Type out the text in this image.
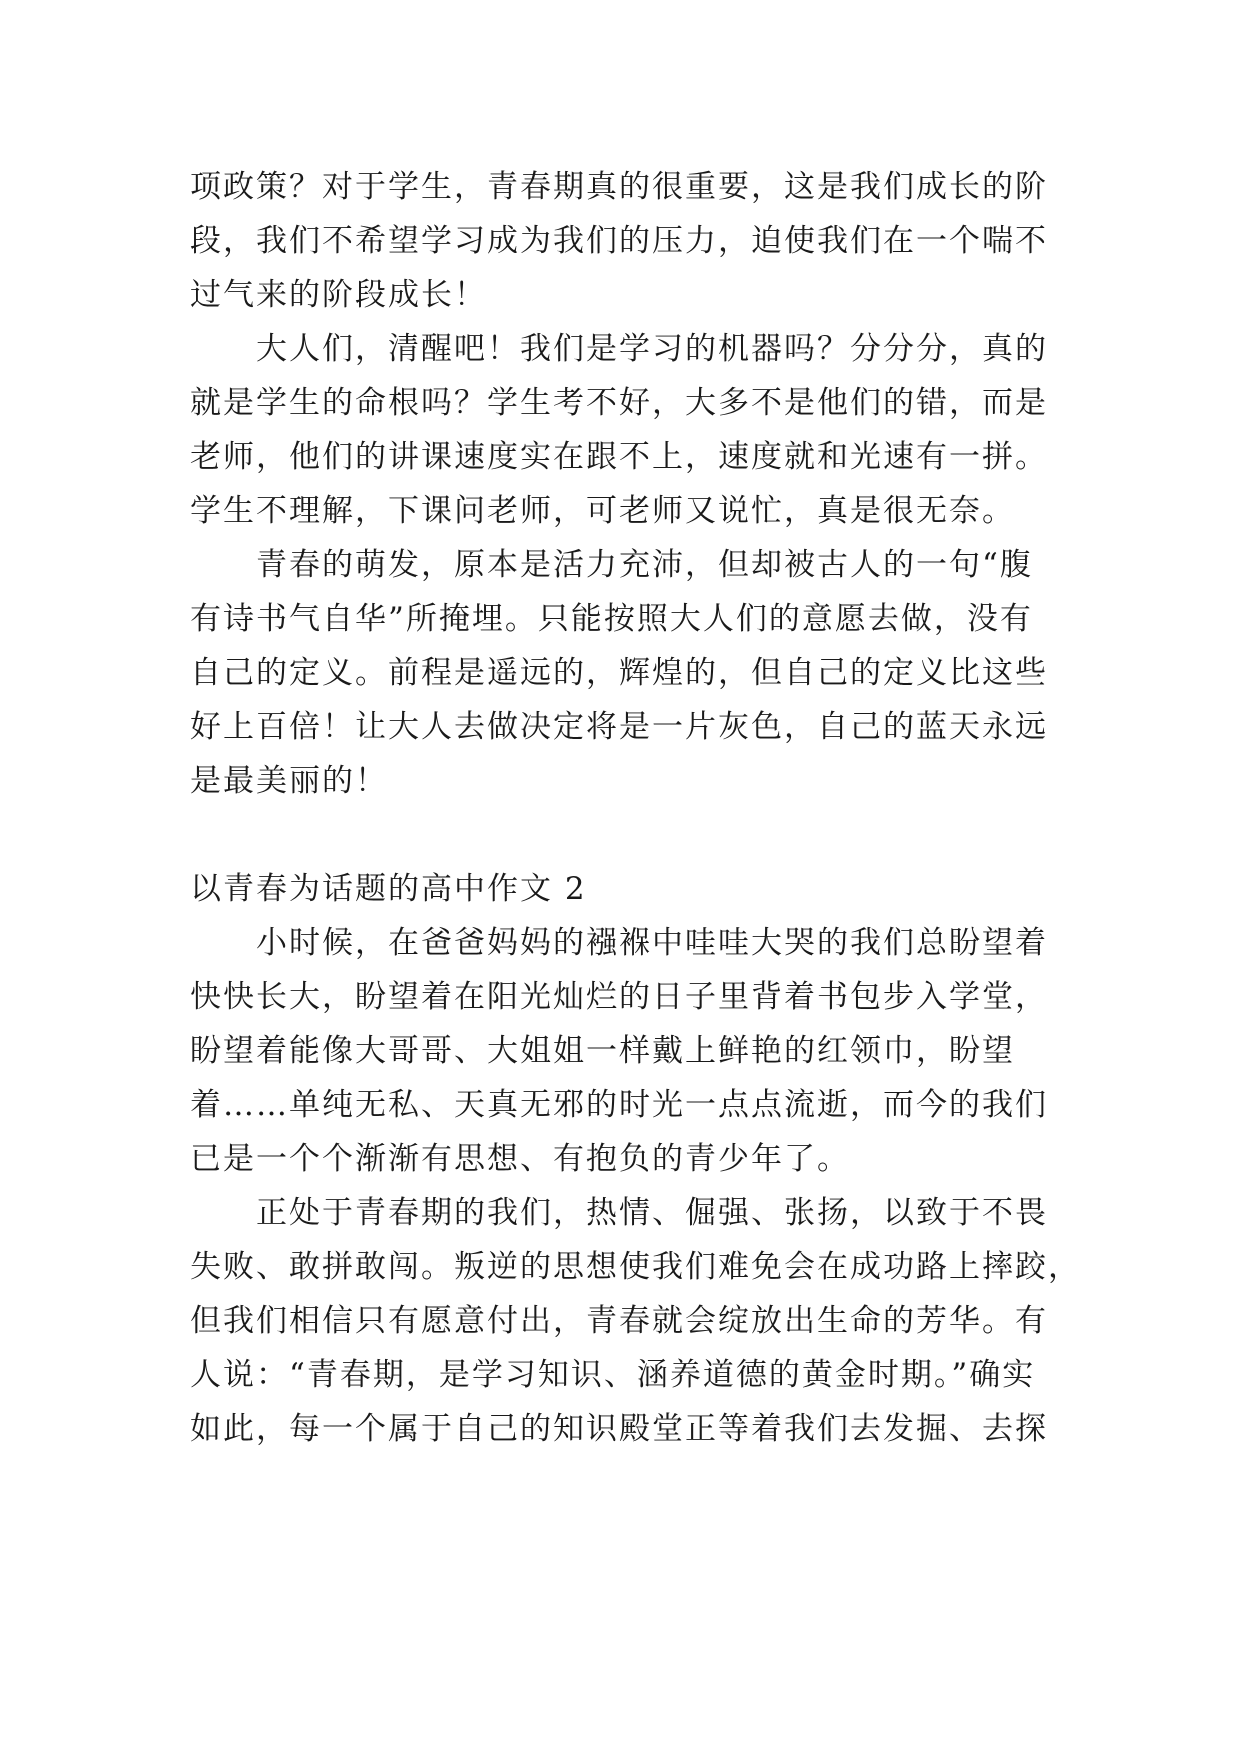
项政策？对于学生，青春期真的很重要，这是我们成长的阶
段，我们不希望学习成为我们的压力，迫使我们在一个喘不
过气来的阶段成长！
大人们，清醒吧！我们是学习的机器吗？分分分，真的
就是学生的命根吗？学生考不好，大多不是他们的错，而是
老师，他们的讲课速度实在跟不上，速度就和光速有一拼。
学生不理解，下课问老师，可老师又说忙，真是很无奈。
青春的萌发，原本是活力充沛，但却被古人的一句“腹
有诗书气自华”所掩埋。只能按照大人们的意愿去做，没有
自己的定义。前程是遥远的，辉煌的，但自己的定义比这些
好上百倍！让大人去做决定将是一片灰色，自己的蓝天永远
是最美丽的！
以青春为话题的高中作文 2
小时候，在爸爸妈妈的襁褓中哇哇大哭的我们总盼望着
快快长大，盼望着在阳光灿烂的日子里背着书包步入学堂，
盼望着能像大哥哥、大姐姐一样戴上鲜艳的红领巾，盼望
着……单纯无私、天真无邪的时光一点点流逝，而今的我们
已是一个个渐渐有思想、有抱负的青少年了。
正处于青春期的我们，热情、倔强、张扬，以致于不畏
失败、敢拼敢闯。叛逆的思想使我们难免会在成功路上摔跤，
但我们相信只有愿意付出，青春就会绽放出生命的芳华。有
人说：“青春期，是学习知识、涵养道德的黄金时期。”确实
如此，每一个属于自己的知识殿堂正等着我们去发掘、去探
